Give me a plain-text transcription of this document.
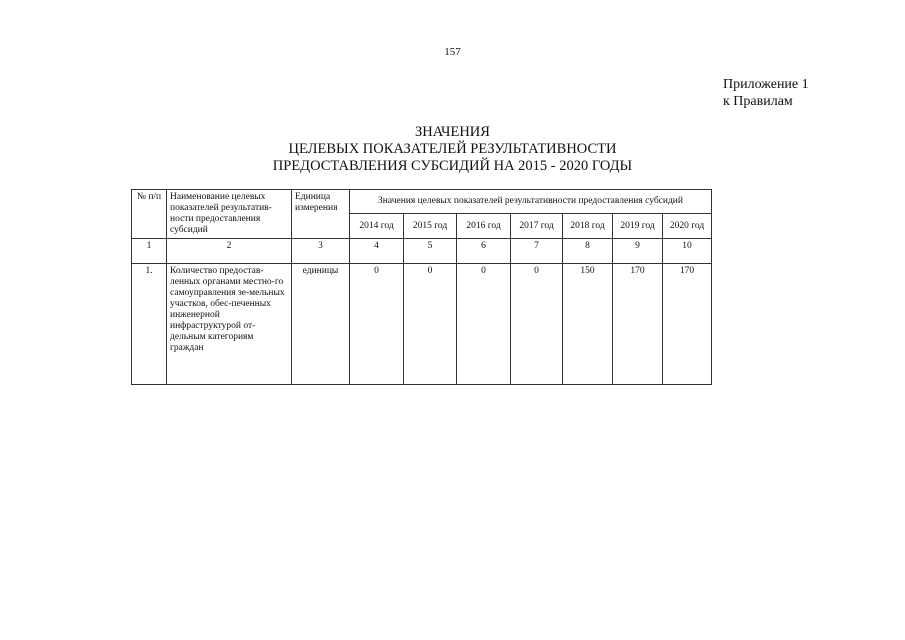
157
Приложение 1
к Правилам
ЗНАЧЕНИЯ
ЦЕЛЕВЫХ ПОКАЗАТЕЛЕЙ РЕЗУЛЬТАТИВНОСТИ
ПРЕДОСТАВЛЕНИЯ СУБСИДИЙ НА 2015 - 2020 ГОДЫ
№ п/п	Наименование целевых показателей результатив-ности предоставления субсидий	Единица измерения	Значения целевых показателей результативности предоставления субсидий						
			2014 год	2015 год	2016 год	2017 год	2018 год	2019 год	2020 год
1	2	3	4	5	6	7	8	9	10
1.	Количество предостав-ленных органами местно-го самоуправления зе-мельных участков, обес-печенных инженерной инфраструктурой от-дельным категориям граждан	единицы	0	0	0	0	150	170	170
